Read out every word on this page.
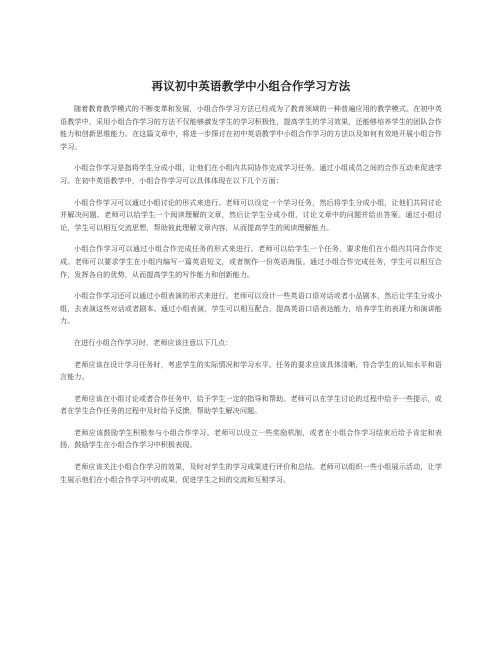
再议初中英语教学中小组合作学习方法

随着教育教学模式的不断变革和发展，小组合作学习方法已经成为了教育领域的一种普遍应用的教学模式。在初中英语教学中，采用小组合作学习的方法不仅能够激发学生的学习积极性，提高学生的学习效果，还能够培养学生的团队合作能力和创新思维能力。在这篇文章中，将进一步探讨在初中英语教学中小组合作学习的方法以及如何有效地开展小组合作学习。

小组合作学习是指将学生分成小组，让他们在小组内共同协作完成学习任务。通过小组成员之间的合作互动来促进学习。在初中英语教学中，小组合作学习可以具体体现在以下几个方面：

小组合作学习可以通过小组讨论的形式来进行。老师可以设定一个学习任务，然后将学生分成小组，让他们共同讨论并解决问题。老师可以给学生一个阅读理解的文章，然后让学生分成小组，讨论文章中的问题并给出答案。通过小组讨论，学生可以相互交流思想，帮助彼此理解文章内容，从而提高学生的阅读理解能力。

小组合作学习可以通过小组合作完成任务的形式来进行。老师可以给学生一个任务，要求他们在小组内共同合作完成。老师可以要求学生在小组内编写一篇英语短文，或者制作一份英语海报。通过小组合作完成任务，学生可以相互合作，发挥各自的优势，从而提高学生的写作能力和创新能力。

小组合作学习还可以通过小组表演的形式来进行。老师可以设计一些英语口语对话或者小品剧本，然后让学生分成小组，去表演这些对话或者剧本。通过小组表演，学生可以相互配合，提高英语口语表达能力，培养学生的表现力和演讲能力。

在进行小组合作学习时，老师应该注意以下几点：

老师应该在设计学习任务时，考虑学生的实际情况和学习水平。任务的要求应该具体清晰，符合学生的认知水平和语言能力。

老师应该在小组讨论或者合作任务中，给予学生一定的指导和帮助。老师可以在学生讨论的过程中给予一些提示，或者在学生合作任务的过程中及时给予反馈，帮助学生解决问题。

老师应该鼓励学生积极参与小组合作学习。老师可以设立一些奖励机制，或者在小组合作学习结束后给予肯定和表扬，鼓励学生在小组合作学习中积极表现。

老师应该关注小组合作学习的效果，及时对学生的学习成果进行评价和总结。老师可以组织一些小组展示活动，让学生展示他们在小组合作学习中的成果，促进学生之间的交流和互相学习。
